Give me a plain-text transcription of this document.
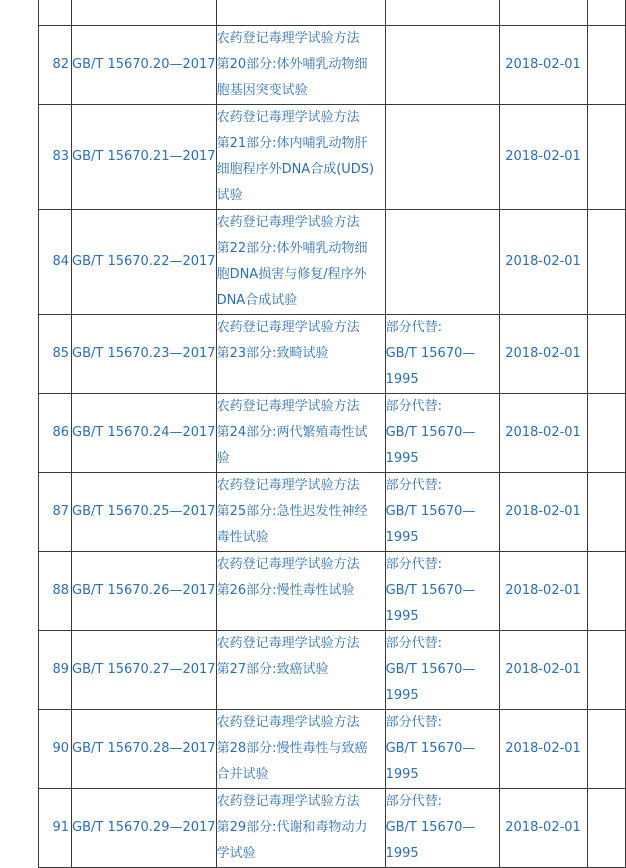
82	GB/T 15670.20—2017	农药登记毒理学试验方法
第20部分:体外哺乳动物细
胞基因突变试验		2018-02-01	
83	GB/T 15670.21—2017	农药登记毒理学试验方法
第21部分:体内哺乳动物肝
细胞程序外DNA合成(UDS)
试验		2018-02-01	
84	GB/T 15670.22—2017	农药登记毒理学试验方法
第22部分:体外哺乳动物细
胞DNA损害与修复/程序外
DNA合成试验		2018-02-01	
85	GB/T 15670.23—2017	农药登记毒理学试验方法
第23部分:致畸试验	部分代替:
GB/T 15670—
1995	2018-02-01	
86	GB/T 15670.24—2017	农药登记毒理学试验方法
第24部分:两代繁殖毒性试
验	部分代替:
GB/T 15670—
1995	2018-02-01	
87	GB/T 15670.25—2017	农药登记毒理学试验方法
第25部分:急性迟发性神经
毒性试验	部分代替:
GB/T 15670—
1995	2018-02-01	
88	GB/T 15670.26—2017	农药登记毒理学试验方法
第26部分:慢性毒性试验	部分代替:
GB/T 15670—
1995	2018-02-01	
89	GB/T 15670.27—2017	农药登记毒理学试验方法
第27部分:致癌试验	部分代替:
GB/T 15670—
1995	2018-02-01	
90	GB/T 15670.28—2017	农药登记毒理学试验方法
第28部分:慢性毒性与致癌
合并试验	部分代替:
GB/T 15670—
1995	2018-02-01	
91	GB/T 15670.29—2017	农药登记毒理学试验方法
第29部分:代谢和毒物动力
学试验	部分代替:
GB/T 15670—
1995	2018-02-01	
